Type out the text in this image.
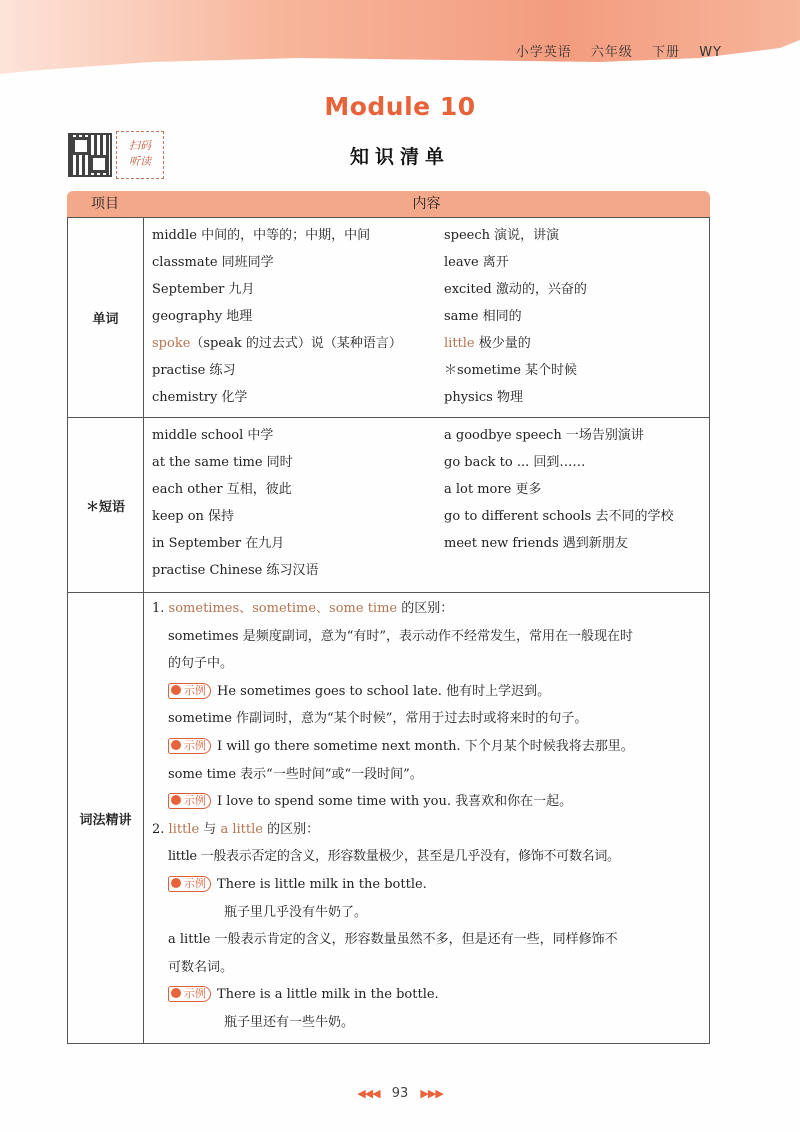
小学英语 六年级 下册 WY
Module 10
扫码
听读	知识清单
项目	内容
单词
middle 中间的，中等的；中期，中间	speech 演说，讲演
classmate 同班同学	leave 离开
September 九月	excited 激动的，兴奋的
geography 地理	same 相同的
spoke（speak 的过去式）说（某种语言）	little 极少量的
practise 练习	＊sometime 某个时候
chemistry 化学	physics 物理
＊短语
middle school 中学	a goodbye speech 一场告别演讲
at the same time 同时	go back to ... 回到……
each other 互相，彼此	a lot more 更多
keep on 保持	go to different schools 去不同的学校
in September 在九月	meet new friends 遇到新朋友
practise Chinese 练习汉语
词法精讲

1. sometimes、sometime、some time 的区别：

sometimes 是频度副词，意为“有时”，表示动作不经常发生，常用在一般现在时

的句子中。

示例 He sometimes goes to school late. 他有时上学迟到。

sometime 作副词时，意为“某个时候”，常用于过去时或将来时的句子。

示例 I will go there sometime next month. 下个月某个时候我将去那里。

some time 表示“一些时间”或“一段时间”。

示例 I love to spend some time with you. 我喜欢和你在一起。

2. little 与 a little 的区别：

little 一般表示否定的含义，形容数量极少，甚至是几乎没有，修饰不可数名词。

示例 There is little milk in the bottle.

瓶子里几乎没有牛奶了。

a little 一般表示肯定的含义，形容数量虽然不多，但是还有一些，同样修饰不

可数名词。

示例 There is a little milk in the bottle.

瓶子里还有一些牛奶。

◀◀◀ 93 ▶▶▶
